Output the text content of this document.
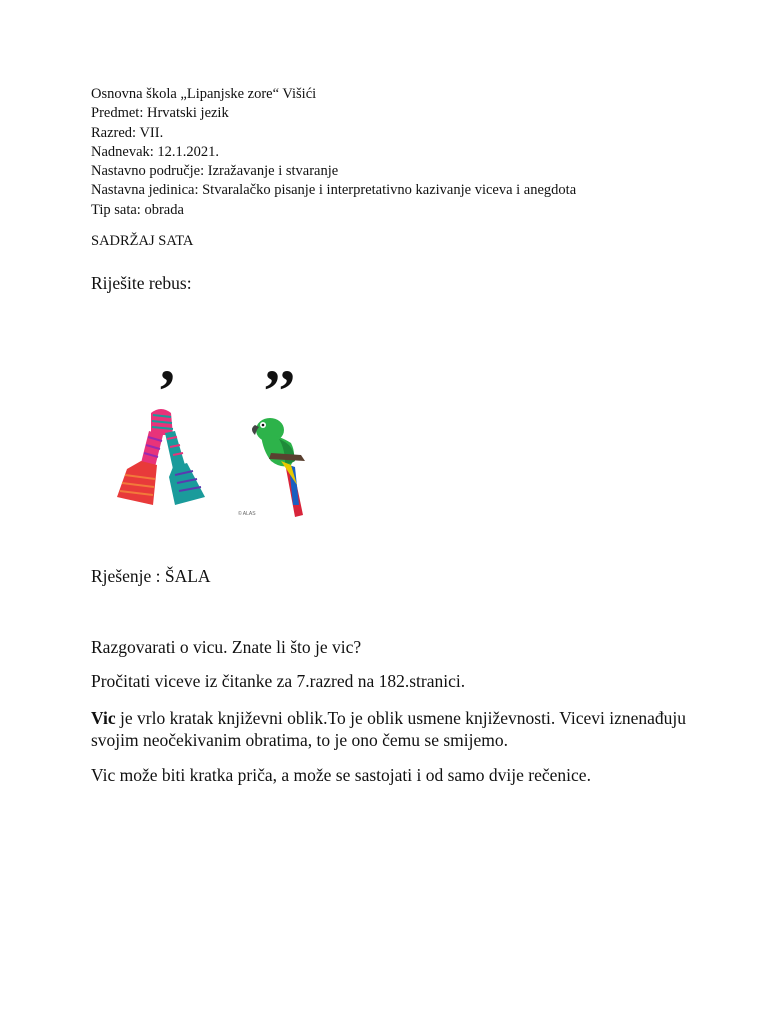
Osnovna škola „Lipanjske zore“ Višići
Predmet: Hrvatski jezik
Razred: VII.
Nadnevak: 12.1.2021.
Nastavno područje: Izražavanje i stvaranje
Nastavna jedinica: Stvaralačko pisanje i interpretativno kazivanje viceva i anegdota
Tip sata: obrada
SADRŽAJ SATA
Riješite rebus:
, ,,
© ALAS
Rješenje : ŠALA
Razgovarati o vicu. Znate li što je vic?
Pročitati viceve iz čitanke za 7.razred na 182.stranici.
Vic je vrlo kratak književni oblik.To je oblik usmene književnosti. Vicevi iznenađuju svojim neočekivanim obratima, to je ono čemu se smijemo.
Vic može biti kratka priča, a može se sastojati i od samo dvije rečenice.
